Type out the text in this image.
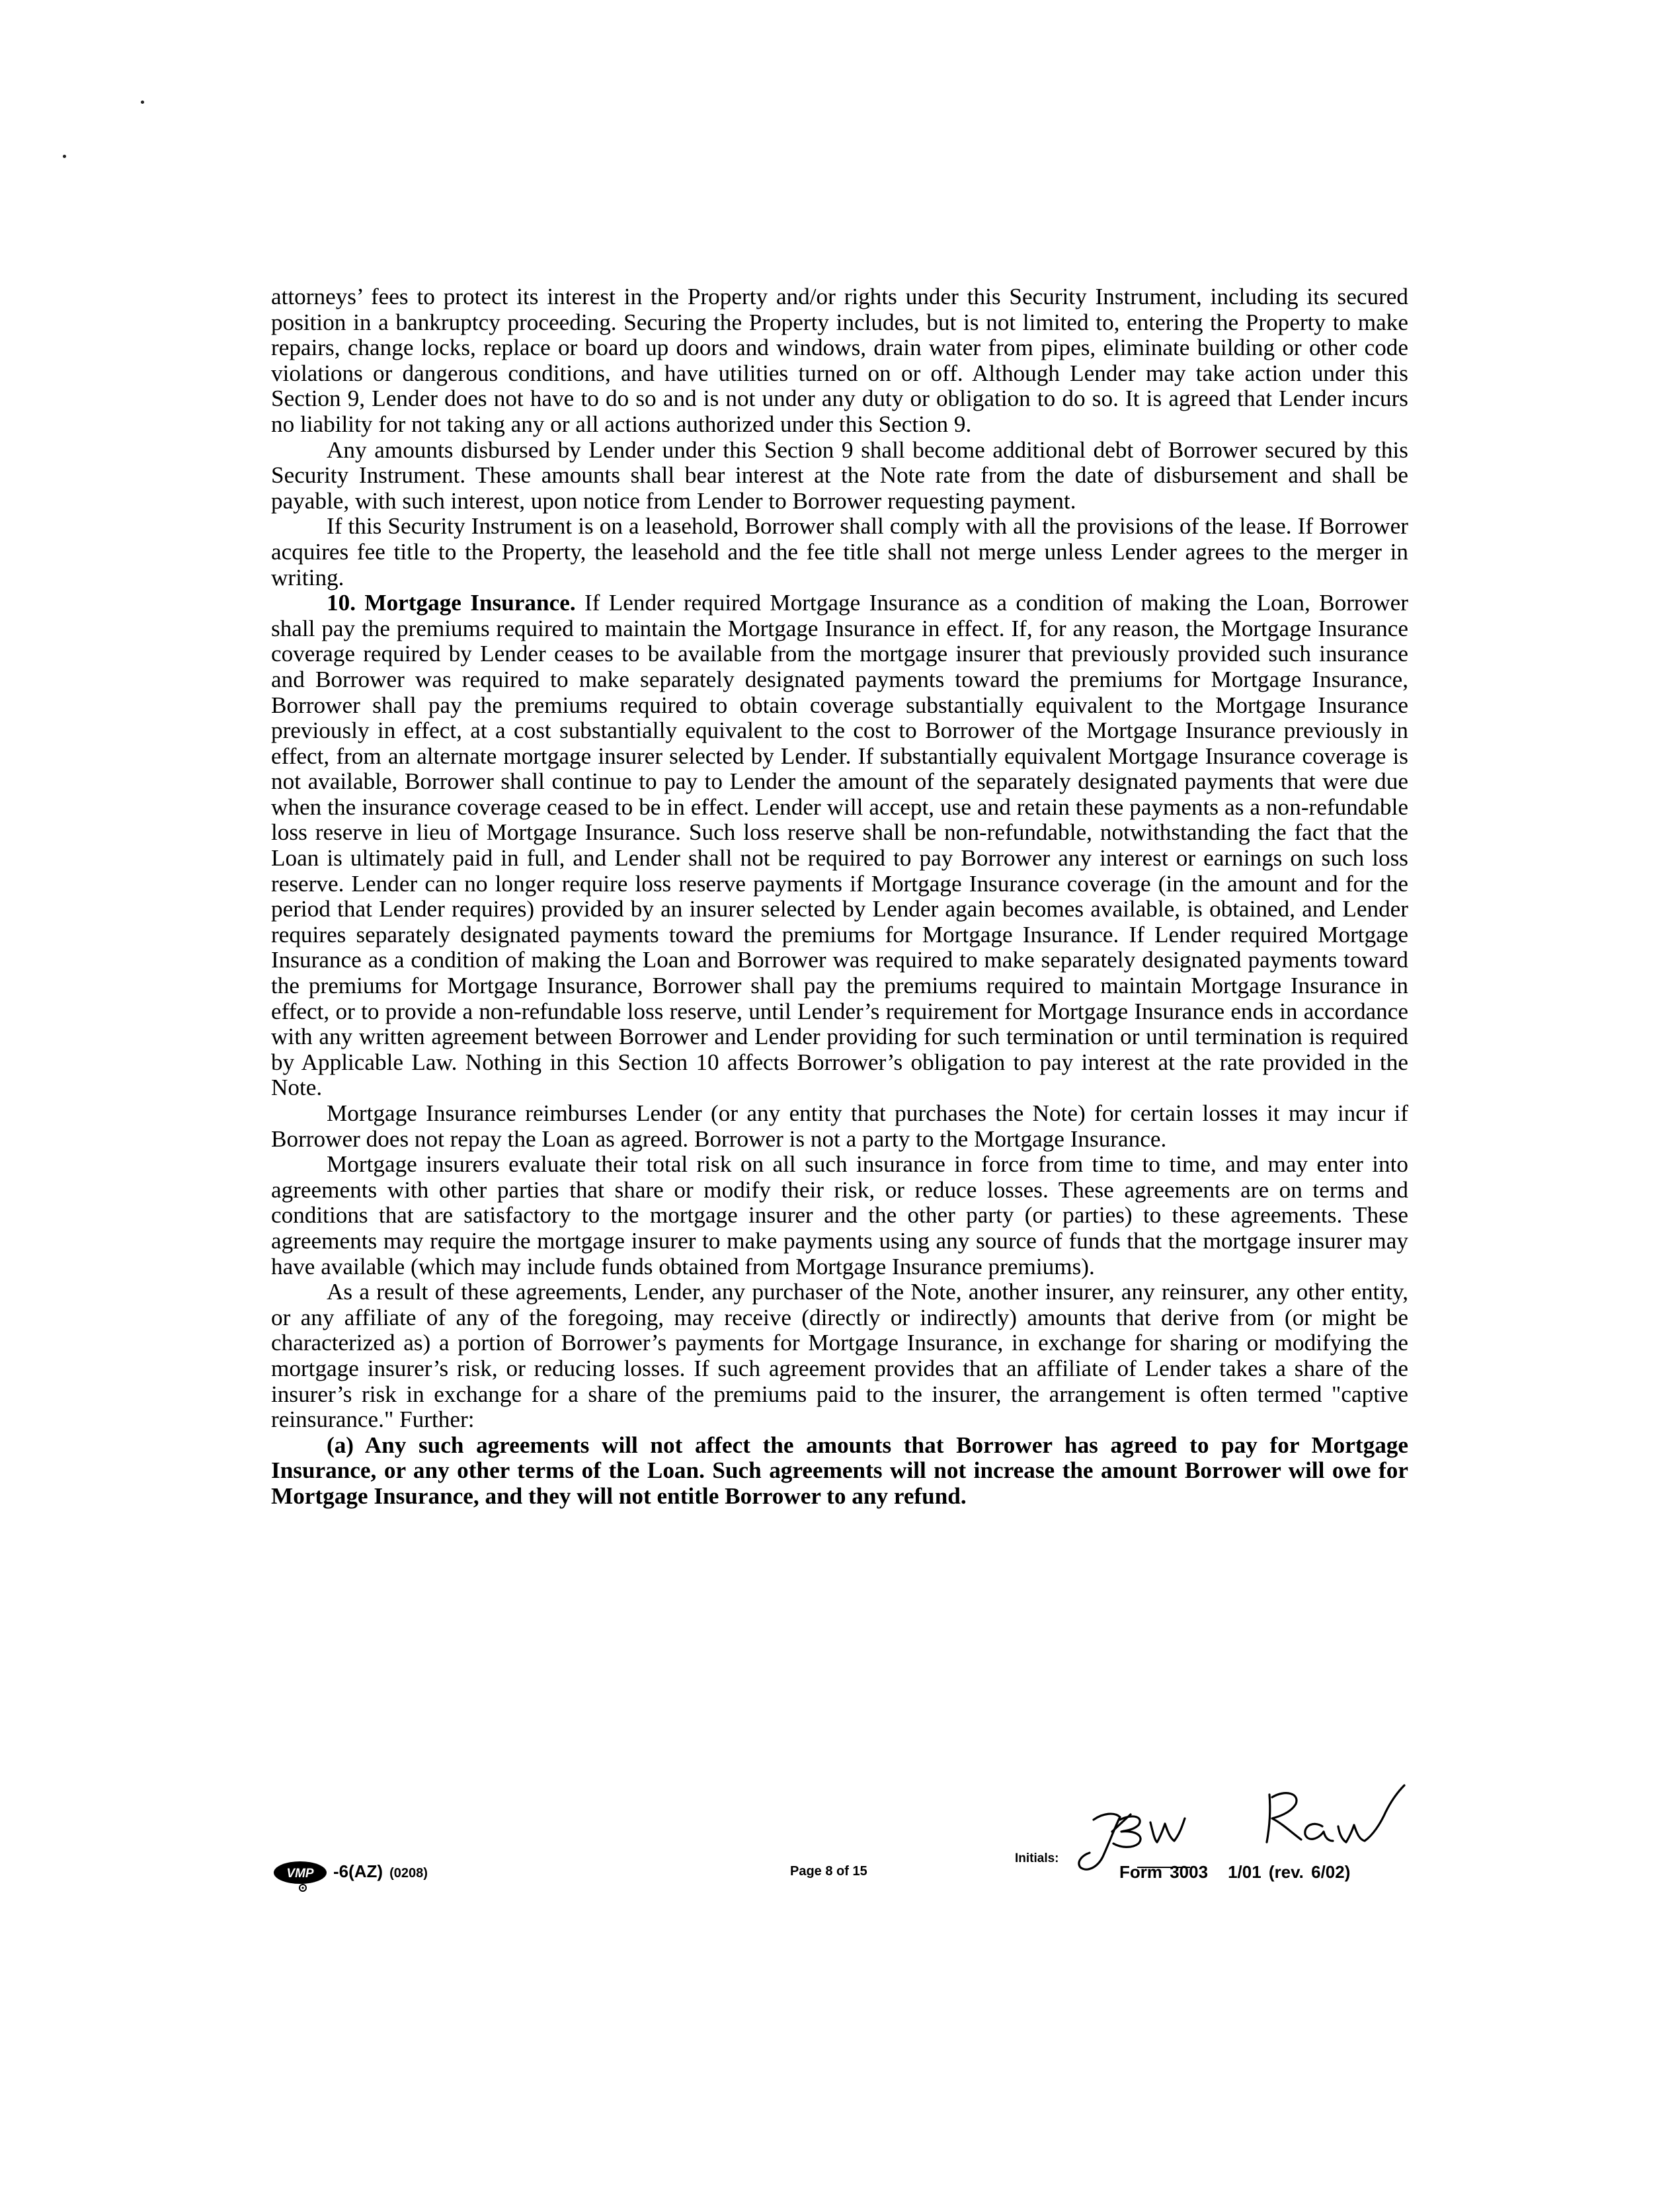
attorneys’ fees to protect its interest in the Property and/or rights under this Security Instrument, including its secured position in a bankruptcy proceeding. Securing the Property includes, but is not limited to, entering the Property to make repairs, change locks, replace or board up doors and windows, drain water from pipes, eliminate building or other code violations or dangerous conditions, and have utilities turned on or off. Although Lender may take action under this Section 9, Lender does not have to do so and is not under any duty or obligation to do so. It is agreed that Lender incurs no liability for not taking any or all actions authorized under this Section 9.

Any amounts disbursed by Lender under this Section 9 shall become additional debt of Borrower secured by this Security Instrument. These amounts shall bear interest at the Note rate from the date of disbursement and shall be payable, with such interest, upon notice from Lender to Borrower requesting payment.

If this Security Instrument is on a leasehold, Borrower shall comply with all the provisions of the lease. If Borrower acquires fee title to the Property, the leasehold and the fee title shall not merge unless Lender agrees to the merger in writing.

10. Mortgage Insurance. If Lender required Mortgage Insurance as a condition of making the Loan, Borrower shall pay the premiums required to maintain the Mortgage Insurance in effect. If, for any reason, the Mortgage Insurance coverage required by Lender ceases to be available from the mortgage insurer that previously provided such insurance and Borrower was required to make separately designated payments toward the premiums for Mortgage Insurance, Borrower shall pay the premiums required to obtain coverage substantially equivalent to the Mortgage Insurance previously in effect, at a cost substantially equivalent to the cost to Borrower of the Mortgage Insurance previously in effect, from an alternate mortgage insurer selected by Lender. If substantially equivalent Mortgage Insurance coverage is not available, Borrower shall continue to pay to Lender the amount of the separately designated payments that were due when the insurance coverage ceased to be in effect. Lender will accept, use and retain these payments as a non-refundable loss reserve in lieu of Mortgage Insurance. Such loss reserve shall be non-refundable, notwithstanding the fact that the Loan is ultimately paid in full, and Lender shall not be required to pay Borrower any interest or earnings on such loss reserve. Lender can no longer require loss reserve payments if Mortgage Insurance coverage (in the amount and for the period that Lender requires) provided by an insurer selected by Lender again becomes available, is obtained, and Lender requires separately designated payments toward the premiums for Mortgage Insurance. If Lender required Mortgage Insurance as a condition of making the Loan and Borrower was required to make separately designated payments toward the premiums for Mortgage Insurance, Borrower shall pay the premiums required to maintain Mortgage Insurance in effect, or to provide a non-refundable loss reserve, until Lender’s requirement for Mortgage Insurance ends in accordance with any written agreement between Borrower and Lender providing for such termination or until termination is required by Applicable Law. Nothing in this Section 10 affects Borrower’s obligation to pay interest at the rate provided in the Note.

Mortgage Insurance reimburses Lender (or any entity that purchases the Note) for certain losses it may incur if Borrower does not repay the Loan as agreed. Borrower is not a party to the Mortgage Insurance.

Mortgage insurers evaluate their total risk on all such insurance in force from time to time, and may enter into agreements with other parties that share or modify their risk, or reduce losses. These agreements are on terms and conditions that are satisfactory to the mortgage insurer and the other party (or parties) to these agreements. These agreements may require the mortgage insurer to make payments using any source of funds that the mortgage insurer may have available (which may include funds obtained from Mortgage Insurance premiums).

As a result of these agreements, Lender, any purchaser of the Note, another insurer, any reinsurer, any other entity, or any affiliate of any of the foregoing, may receive (directly or indirectly) amounts that derive from (or might be characterized as) a portion of Borrower’s payments for Mortgage Insurance, in exchange for sharing or modifying the mortgage insurer’s risk, or reducing losses. If such agreement provides that an affiliate of Lender takes a share of the insurer’s risk in exchange for a share of the premiums paid to the insurer, the arrangement is often termed "captive reinsurance." Further:

(a) Any such agreements will not affect the amounts that Borrower has agreed to pay for Mortgage Insurance, or any other terms of the Loan. Such agreements will not increase the amount Borrower will owe for Mortgage Insurance, and they will not entitle Borrower to any refund.

VMP -6(AZ) (0208)	Page 8 of 15
Initials:
Form 3003 1/01 (rev. 6/02)
